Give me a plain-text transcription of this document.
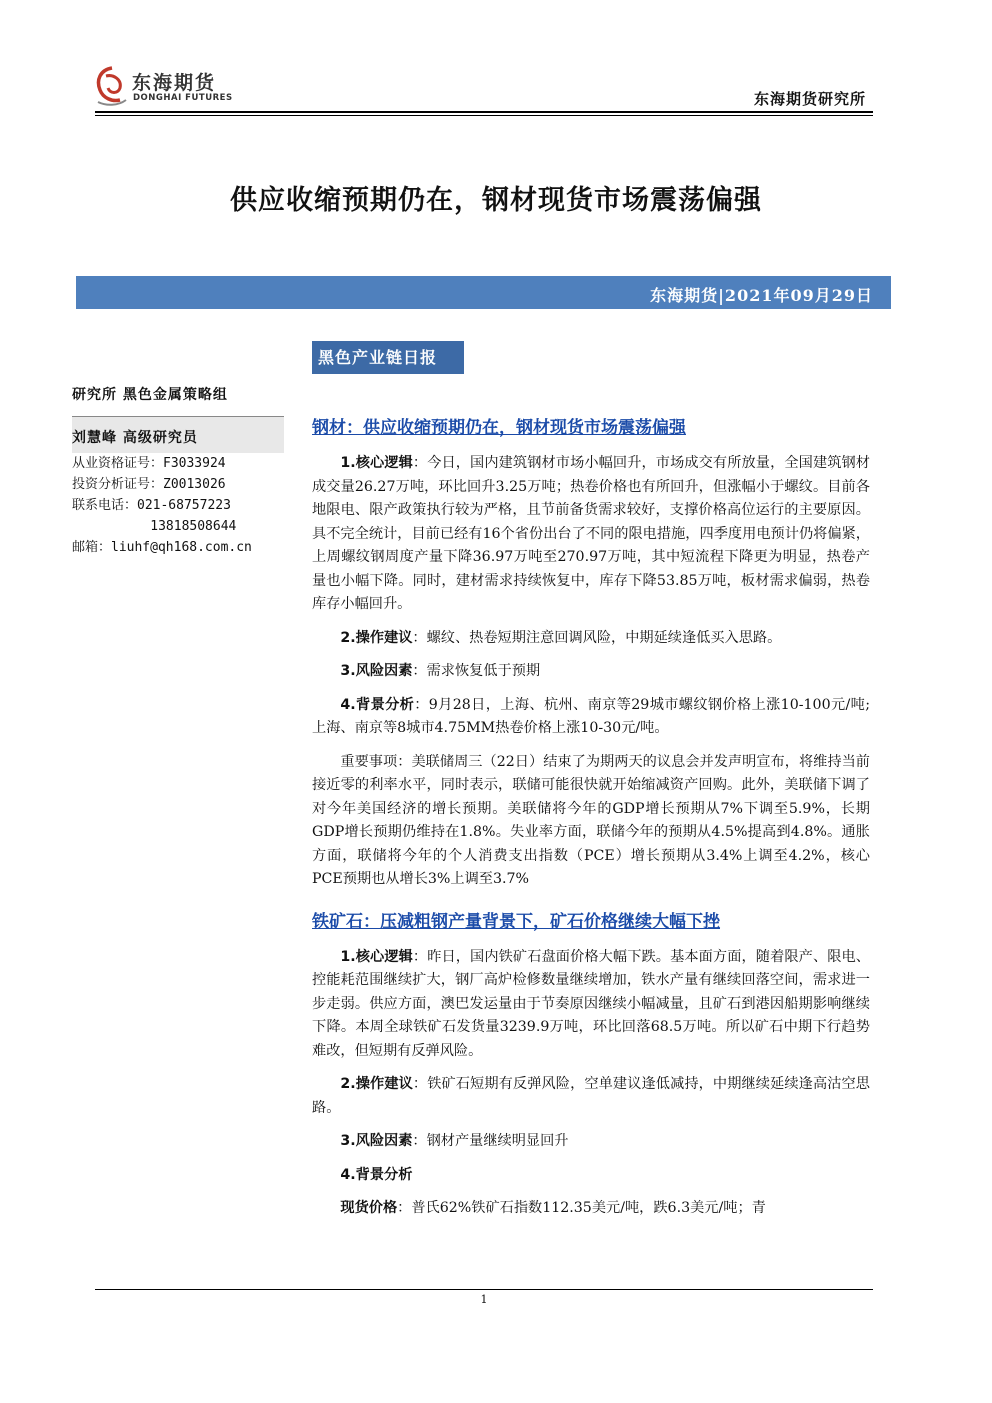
东海期货
DONGHAI FUTURES	东海期货研究所
供应收缩预期仍在，钢材现货市场震荡偏强
东海期货|2021年09月29日
黑色产业链日报
研究所 黑色金属策略组
刘慧峰 高级研究员
从业资格证号：F3033924
投资分析证号：Z0013026
联系电话：021-68757223
13818508644
邮箱：liuhf@qh168.com.cn
钢材：供应收缩预期仍在，钢材现货市场震荡偏强

1.核心逻辑：今日，国内建筑钢材市场小幅回升，市场成交有所放量，全国建筑钢材成交量26.27万吨，环比回升3.25万吨；热卷价格也有所回升，但涨幅小于螺纹。目前各地限电、限产政策执行较为严格，且节前备货需求较好，支撑价格高位运行的主要原因。具不完全统计，目前已经有16个省份出台了不同的限电措施，四季度用电预计仍将偏紧，上周螺纹钢周度产量下降36.97万吨至270.97万吨，其中短流程下降更为明显，热卷产量也小幅下降。同时，建材需求持续恢复中，库存下降53.85万吨，板材需求偏弱，热卷库存小幅回升。

2.操作建议：螺纹、热卷短期注意回调风险，中期延续逢低买入思路。

3.风险因素：需求恢复低于预期

4.背景分析：9月28日，上海、杭州、南京等29城市螺纹钢价格上涨10-100元/吨;上海、南京等8城市4.75MM热卷价格上涨10-30元/吨。

重要事项：美联储周三（22日）结束了为期两天的议息会并发声明宣布，将维持当前接近零的利率水平，同时表示，联储可能很快就开始缩减资产回购。此外，美联储下调了对今年美国经济的增长预期。美联储将今年的GDP增长预期从7%下调至5.9%，长期GDP增长预期仍维持在1.8%。失业率方面，联储今年的预期从4.5%提高到4.8%。通胀方面，联储将今年的个人消费支出指数（PCE）增长预期从3.4%上调至4.2%，核心PCE预期也从增长3%上调至3.7%

铁矿石：压减粗钢产量背景下，矿石价格继续大幅下挫

1.核心逻辑：昨日，国内铁矿石盘面价格大幅下跌。基本面方面，随着限产、限电、控能耗范围继续扩大，钢厂高炉检修数量继续增加，铁水产量有继续回落空间，需求进一步走弱。供应方面，澳巴发运量由于节奏原因继续小幅减量，且矿石到港因船期影响继续下降。本周全球铁矿石发货量3239.9万吨，环比回落68.5万吨。所以矿石中期下行趋势难改，但短期有反弹风险。

2.操作建议：铁矿石短期有反弹风险，空单建议逢低减持，中期继续延续逢高沽空思路。

3.风险因素：钢材产量继续明显回升

4.背景分析

现货价格：普氏62%铁矿石指数112.35美元/吨，跌6.3美元/吨；青

1
